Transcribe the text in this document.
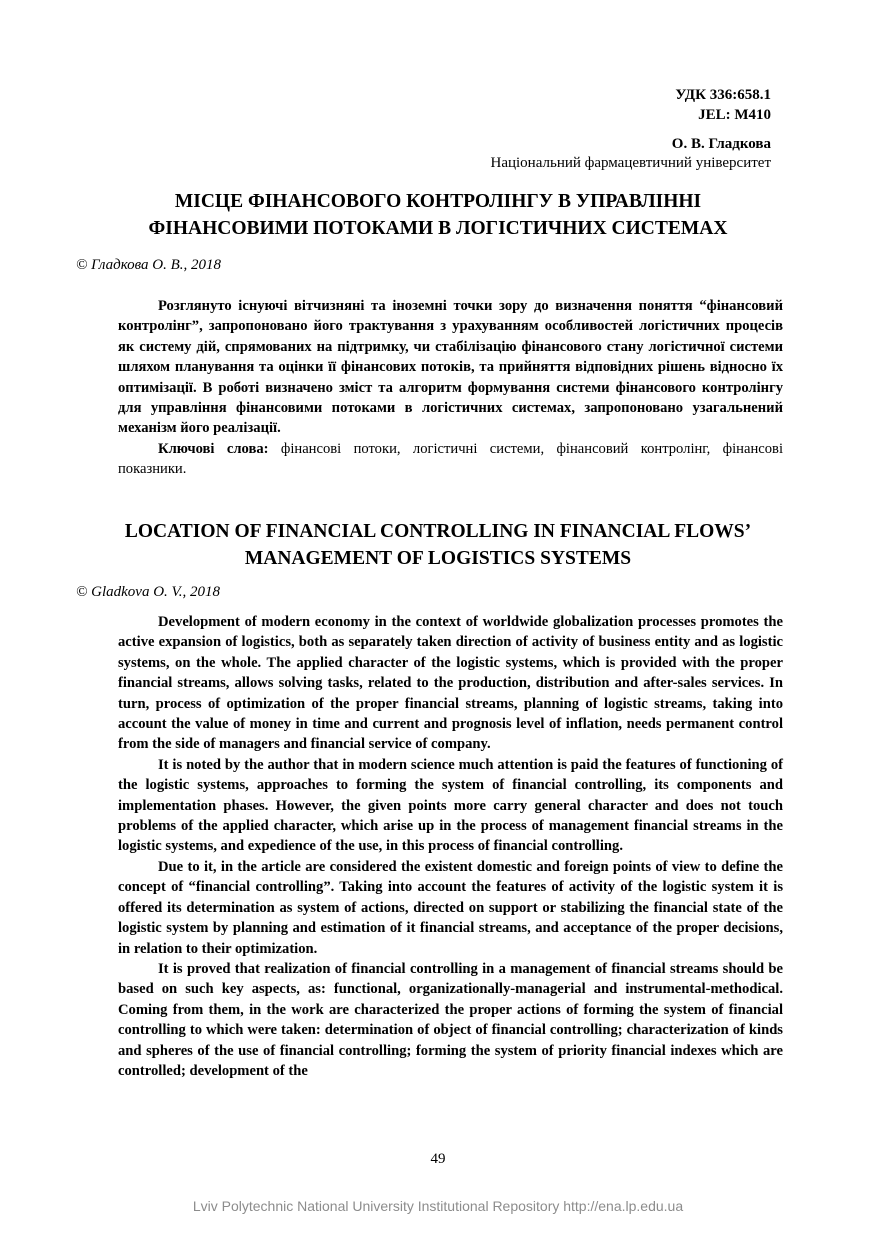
УДК 336:658.1
JEL: M410
О. В. Гладкова
Національний фармацевтичний університет
МІСЦЕ ФІНАНСОВОГО КОНТРОЛІНГУ В УПРАВЛІННІ
ФІНАНСОВИМИ ПОТОКАМИ В ЛОГІСТИЧНИХ СИСТЕМАХ
© Гладкова О. В., 2018

Розглянуто існуючі вітчизняні та іноземні точки зору до визначення поняття “фінансовий контролінг”, запропоновано його трактування з урахуванням особливостей логістичних процесів як систему дій, спрямованих на підтримку, чи стабілізацію фінансового стану логістичної системи шляхом планування та оцінки її фінансових потоків, та прийняття відповідних рішень відносно їх оптимізації. В роботі визначено зміст та алгоритм формування системи фінансового контролінгу для управління фінансовими потоками в логістичних системах, запропоновано узагальнений механізм його реалізації.

Ключові слова: фінансові потоки, логістичні системи, фінансовий контролінг, фінансові показники.

LOCATION OF FINANCIAL CONTROLLING IN FINANCIAL FLOWS’
MANAGEMENT OF LOGISTICS SYSTEMS
© Gladkova O. V., 2018

Development of modern economy in the context of worldwide globalization processes promotes the active expansion of logistics, both as separately taken direction of activity of business entity and as logistic systems, on the whole. The applied character of the logistic systems, which is provided with the proper financial streams, allows solving tasks, related to the production, distribution and after-sales services. In turn, process of optimization of the proper financial streams, planning of logistic streams, taking into account the value of money in time and current and prognosis level of inflation, needs permanent control from the side of managers and financial service of company.

It is noted by the author that in modern science much attention is paid the features of functioning of the logistic systems, approaches to forming the system of financial controlling, its components and implementation phases. However, the given points more carry general character and does not touch problems of the applied character, which arise up in the process of management financial streams in the logistic systems, and expedience of the use, in this process of financial controlling.

Due to it, in the article are considered the existent domestic and foreign points of view to define the concept of “financial controlling”. Taking into account the features of activity of the logistic system it is offered its determination as system of actions, directed on support or stabilizing the financial state of the logistic system by planning and estimation of it financial streams, and acceptance of the proper decisions, in relation to their optimization.

It is proved that realization of financial controlling in a management of financial streams should be based on such key aspects, as: functional, organizationally-managerial and instrumental-methodical. Coming from them, in the work are characterized the proper actions of forming the system of financial controlling to which were taken: determination of object of financial controlling; characterization of kinds and spheres of the use of financial controlling; forming the system of priority financial indexes which are controlled; development of the

49
Lviv Polytechnic National University Institutional Repository http://ena.lp.edu.ua
